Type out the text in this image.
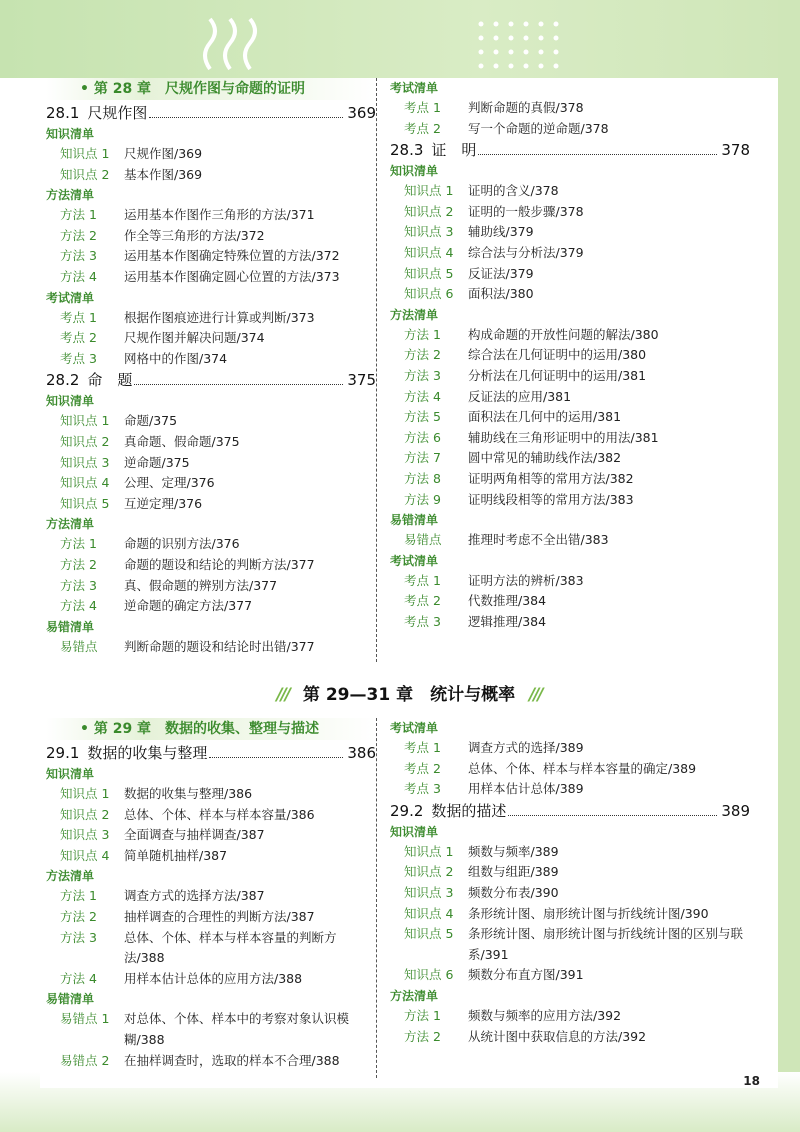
• 第 28 章　尺规作图与命题的证明
28.1 尺规作图	369
知识清单
知识点 1	尺规作图/369
知识点 2	基本作图/369
方法清单
方法 1	运用基本作图作三角形的方法/371
方法 2	作全等三角形的方法/372
方法 3	运用基本作图确定特殊位置的方法/372
方法 4	运用基本作图确定圆心位置的方法/373
考试清单
考点 1	根据作图痕迹进行计算或判断/373
考点 2	尺规作图并解决问题/374
考点 3	网格中的作图/374
28.2 命　题	375
知识清单
知识点 1	命题/375
知识点 2	真命题、假命题/375
知识点 3	逆命题/375
知识点 4	公理、定理/376
知识点 5	互逆定理/376
方法清单
方法 1	命题的识别方法/376
方法 2	命题的题设和结论的判断方法/377
方法 3	真、假命题的辨别方法/377
方法 4	逆命题的确定方法/377
易错清单
易错点	判断命题的题设和结论时出错/377
考试清单
考点 1	判断命题的真假/378
考点 2	写一个命题的逆命题/378
28.3 证　明	378
知识清单
知识点 1	证明的含义/378
知识点 2	证明的一般步骤/378
知识点 3	辅助线/379
知识点 4	综合法与分析法/379
知识点 5	反证法/379
知识点 6	面积法/380
方法清单
方法 1	构成命题的开放性问题的解法/380
方法 2	综合法在几何证明中的运用/380
方法 3	分析法在几何证明中的运用/381
方法 4	反证法的应用/381
方法 5	面积法在几何中的运用/381
方法 6	辅助线在三角形证明中的用法/381
方法 7	圆中常见的辅助线作法/382
方法 8	证明两角相等的常用方法/382
方法 9	证明线段相等的常用方法/383
易错清单
易错点	推理时考虑不全出错/383
考试清单
考点 1	证明方法的辨析/383
考点 2	代数推理/384
考点 3	逻辑推理/384
/// 第 29—31 章　统计与概率 ///
• 第 29 章　数据的收集、整理与描述
29.1 数据的收集与整理	386
知识清单
知识点 1	数据的收集与整理/386
知识点 2	总体、个体、样本与样本容量/386
知识点 3	全面调查与抽样调查/387
知识点 4	简单随机抽样/387
方法清单
方法 1	调查方式的选择方法/387
方法 2	抽样调查的合理性的判断方法/387
方法 3	总体、个体、样本与样本容量的判断方法/388
方法 4	用样本估计总体的应用方法/388
易错清单
易错点 1	对总体、个体、样本中的考察对象认识模糊/388
易错点 2	在抽样调查时，选取的样本不合理/388
考试清单
考点 1	调查方式的选择/389
考点 2	总体、个体、样本与样本容量的确定/389
考点 3	用样本估计总体/389
29.2 数据的描述	389
知识清单
知识点 1	频数与频率/389
知识点 2	组数与组距/389
知识点 3	频数分布表/390
知识点 4	条形统计图、扇形统计图与折线统计图/390
知识点 5	条形统计图、扇形统计图与折线统计图的区别与联系/391
知识点 6	频数分布直方图/391
方法清单
方法 1	频数与频率的应用方法/392
方法 2	从统计图中获取信息的方法/392
18
